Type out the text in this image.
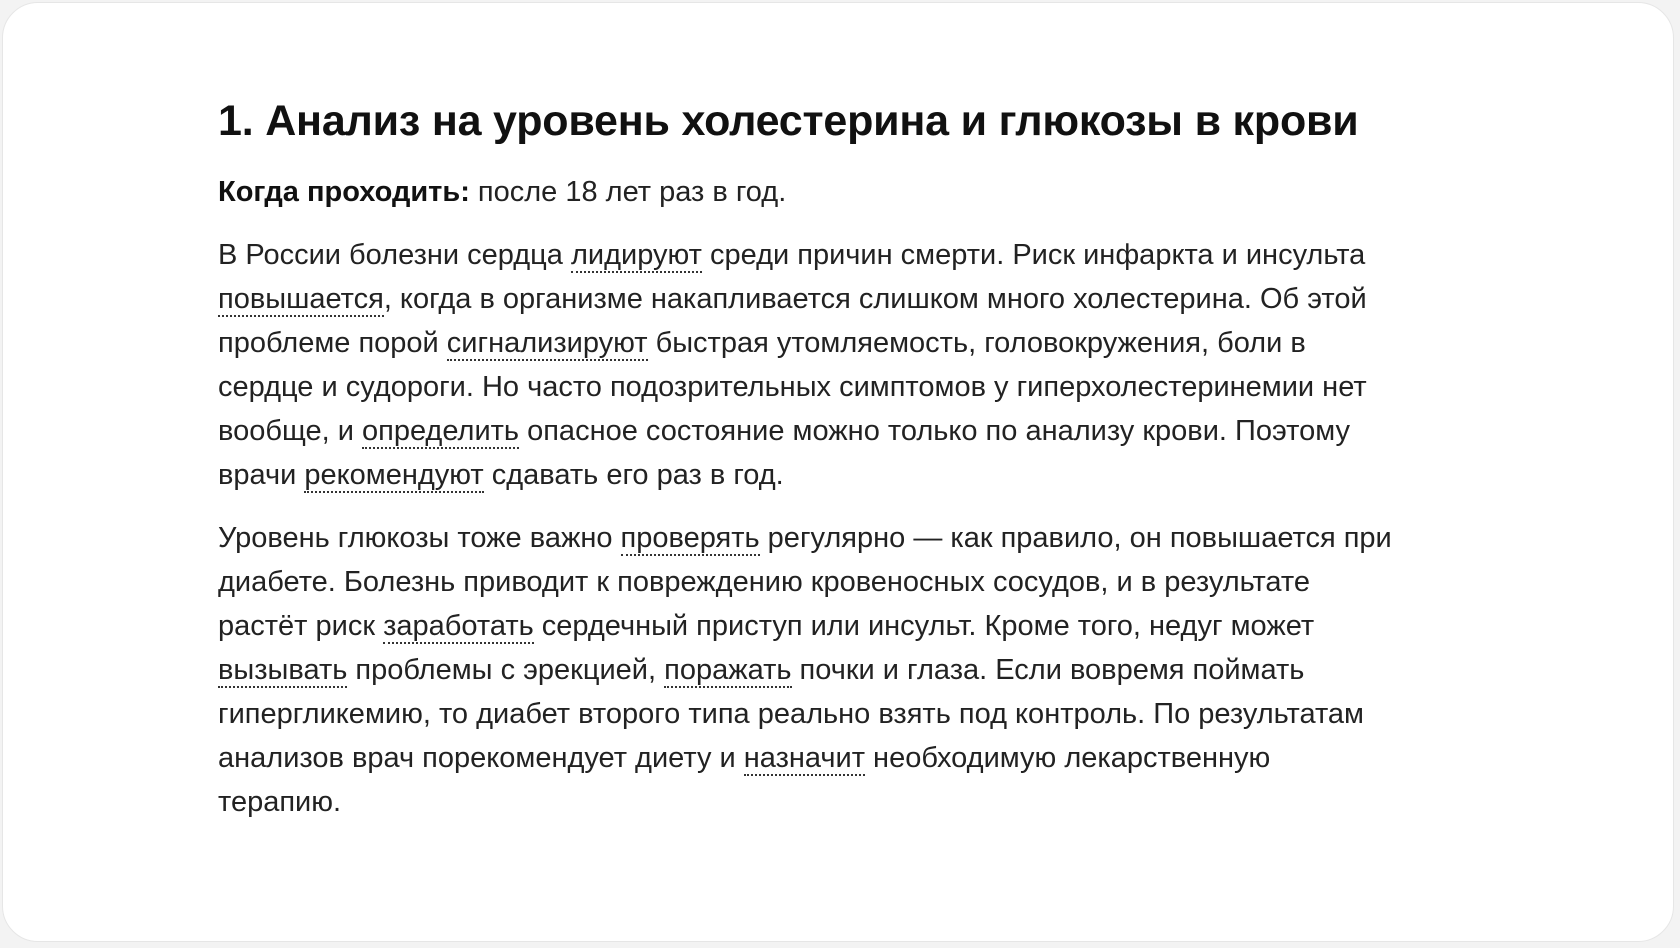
1. Анализ на уровень холестерина и глюкозы в крови

Когда проходить: после 18 лет раз в год.

В России болезни сердца лидируют среди причин смерти. Риск инфаркта и инсульта
повышается, когда в организме накапливается слишком много холестерина. Об этой
проблеме порой сигнализируют быстрая утомляемость, головокружения, боли в
сердце и судороги. Но часто подозрительных симптомов у гиперхолестеринемии нет
вообще, и определить опасное состояние можно только по анализу крови. Поэтому
врачи рекомендуют сдавать его раз в год.

Уровень глюкозы тоже важно проверять регулярно — как правило, он повышается при
диабете. Болезнь приводит к повреждению кровеносных сосудов, и в результате
растёт риск заработать сердечный приступ или инсульт. Кроме того, недуг может
вызывать проблемы с эрекцией, поражать почки и глаза. Если вовремя поймать
гипергликемию, то диабет второго типа реально взять под контроль. По результатам
анализов врач порекомендует диету и назначит необходимую лекарственную
терапию.
